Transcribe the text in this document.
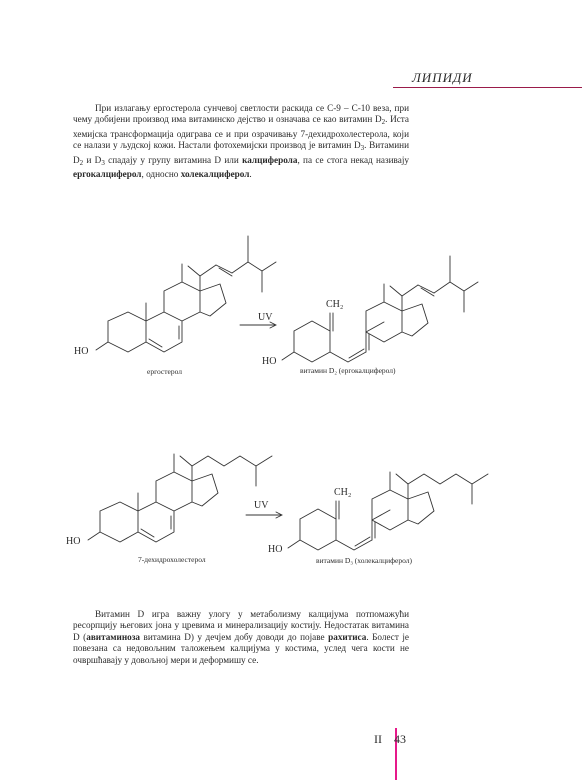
ЛИПИДИ

При излагању ергостерола сунчевој светлости раскида се C-9 – C-10 веза, при чему добијени производ има витаминско дејство и означава се као витамин $D_2$. Иста хемијска трансформација одиграва се и при озрачивању 7-дехидрохолестерола, који се налази у људској кожи. Настали фотохемијски производ је витамин $D_3$. Витамини $D_2$ и $D_3$ спадају у групу витамина D или калциферола, па се стога некад називају ергокалциферол, односно холекалциферол.

HO
UV
HO
CH₂
ергостерол	витамин D₂ (ергокалциферол)
HO
UV
HO
CH₂
7-дехидрохолестерол	витамин D₃ (холекалциферол)

Витамин D игра важну улогу у метаболизму калцијума потпомажући ресорпцију његових јона у цревима и минерализацију костију. Недостатак витамина D (авитаминоза витамина D) у дечјем добу доводи до појаве рахитиса. Болест је повезана са недовољним таложењем калцијума у костима, услед чега кости не очвршћавају у довољној мери и деформишу се.

II 43
